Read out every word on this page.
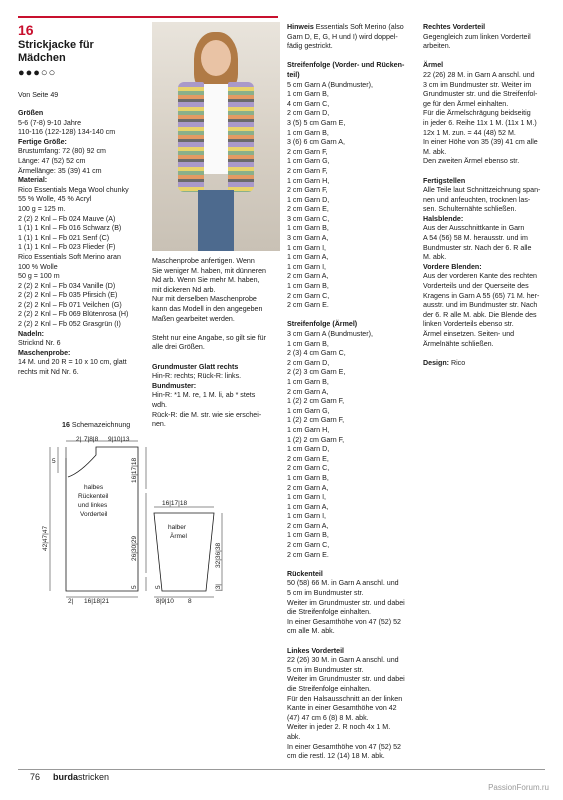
16
Strickjacke für
Mädchen
●●●○○
Von Seite 49
Größen
5-6 (7-8) 9-10 Jahre
110-116 (122-128) 134-140 cm
Fertige Größe:
Brustumfang: 72 (80) 92 cm
Länge: 47 (52) 52 cm
Ärmellänge: 35 (39) 41 cm
Material:
Rico Essentials Mega Wool chunky
55 % Wolle, 45 % Acryl
100 g = 125 m.
2 (2) 2 Knl – Fb 024 Mauve (A)
1 (1) 1 Knl – Fb 016 Schwarz (B)
1 (1) 1 Knl – Fb 021 Senf (C)
1 (1) 1 Knl – Fb 023 Flieder (F)
Rico Essentials Soft Merino aran
100 % Wolle
50 g = 100 m
2 (2) 2 Knl – Fb 034 Vanille (D)
2 (2) 2 Knl – Fb 035 Pfirsich (E)
2 (2) 2 Knl – Fb 071 Veilchen (G)
2 (2) 2 Knl – Fb 069 Blütenrosa (H)
2 (2) 2 Knl – Fb 052 Grasgrün (I)
Nadeln:
Stricknd Nr. 6
Maschenprobe:
14 M. und 20 R = 10 x 10 cm, glatt
rechts mit Nd Nr. 6.
Maschenprobe anfertigen. Wenn
Sie weniger M. haben, mit dünneren
Nd arb. Wenn Sie mehr M. haben,
mit dickeren Nd arb.
Nur mit derselben Maschenprobe
kann das Modell in den angegeben
Maßen gearbeitet werden.
Steht nur eine Angabe, so gilt sie für
alle drei Größen.
Grundmuster Glatt rechts
Hin-R: rechts; Rück-R: links.
Bundmuster:
Hin-R: *1 M. re, 1 M. li, ab * stets
wdh.
Rück-R: die M. str. wie sie erschei-
nen.
Hinweis Essentials Soft Merino (also
Garn D, E, G, H und I) wird doppel-
fädig gestrickt.
Streifenfolge (Vorder- und Rücken-
teil)
5 cm Garn A (Bundmuster),
1 cm Garn B,
4 cm Garn C,
2 cm Garn D,
3 (5) 5 cm Garn E,
1 cm Garn B,
3 (6) 6 cm Garn A,
2 cm Garn F,
1 cm Garn G,
2 cm Garn F,
1 cm Garn H,
2 cm Garn F,
1 cm Garn D,
2 cm Garn E,
3 cm Garn C,
1 cm Garn B,
3 cm Garn A,
1 cm Garn I,
1 cm Garn A,
1 cm Garn I,
2 cm Garn A,
1 cm Garn B,
2 cm Garn C,
2 cm Garn E.
Streifenfolge (Ärmel)
3 cm Garn A (Bundmuster),
1 cm Garn B,
2 (3) 4 cm Garn C,
2 cm Garn D,
2 (2) 3 cm Garn E,
1 cm Garn B,
2 cm Garn A,
1 (2) 2 cm Garn F,
1 cm Garn G,
1 (2) 2 cm Garn F,
1 cm Garn H,
1 (2) 2 cm Garn F,
1 cm Garn D,
2 cm Garn E,
2 cm Garn C,
1 cm Garn B,
2 cm Garn A,
1 cm Garn I,
1 cm Garn A,
1 cm Garn I,
2 cm Garn A,
1 cm Garn B,
2 cm Garn C,
2 cm Garn E.
Rückenteil
50 (58) 66 M. in Garn A anschl. und
5 cm im Bundmuster str.
Weiter im Grundmuster str. und dabei
die Streifenfolge einhalten.
In einer Gesamthöhe von 47 (52) 52
cm alle M. abk.
Linkes Vorderteil
22 (26) 30 M. in Garn A anschl. und
5 cm im Bundmuster str.
Weiter im Grundmuster str. und dabei
die Streifenfolge einhalten.
Für den Halsausschnitt an der linken
Kante in einer Gesamthöhe von 42
(47) 47 cm 6 (8) 8 M. abk.
Weiter in jeder 2. R noch 4x 1 M.
abk.
In einer Gesamthöhe von 47 (52) 52
cm die restl. 12 (14) 18 M. abk.
Rechtes Vorderteil
Gegengleich zum linken Vorderteil
arbeiten.
Ärmel
22 (26) 28 M. in Garn A anschl. und
3 cm im Bundmuster str. Weiter im
Grundmuster str. und die Streifenfol-
ge für den Ärmel einhalten.
Für die Ärmelschrägung beidseitig
in jeder 6. Reihe 11x 1 M. (11x 1 M.)
12x 1 M. zun. = 44 (48) 52 M.
In einer Höhe von 35 (39) 41 cm alle
M. abk.
Den zweiten Ärmel ebenso str.
Fertigstellen
Alle Teile laut Schnittzeichnung span-
nen und anfeuchten, trocknen las-
sen. Schulternähte schließen.
Halsblende:
Aus der Ausschnittkante in Garn
A 54 (56) 58 M. herausstr. und im
Bundmuster str. Nach der 6. R alle
M. abk.
Vordere Blenden:
Aus der vorderen Kante des rechten
Vorderteils und der Querseite des
Kragens in Garn A 55 (65) 71 M. her-
ausstr. und im Bundmuster str. Nach
der 6. R alle M. abk. Die Blende des
linken Vorderteils ebenso str.
Ärmel einsetzen. Seiten- und
Ärmelnähte schließen.
Design: Rico
16 Schemazeichnung
2| 7|8|8 9|10|13
5
halbes
Rückenteil
und linkes
Vorderteil
42|47|47
16|17|18
26|30|29
5
2| 16|18|21
16|17|18
halber
Ärmel
32|36|38
|3|
5
8|9|10 8
76 burdastricken
PassionForum.ru
